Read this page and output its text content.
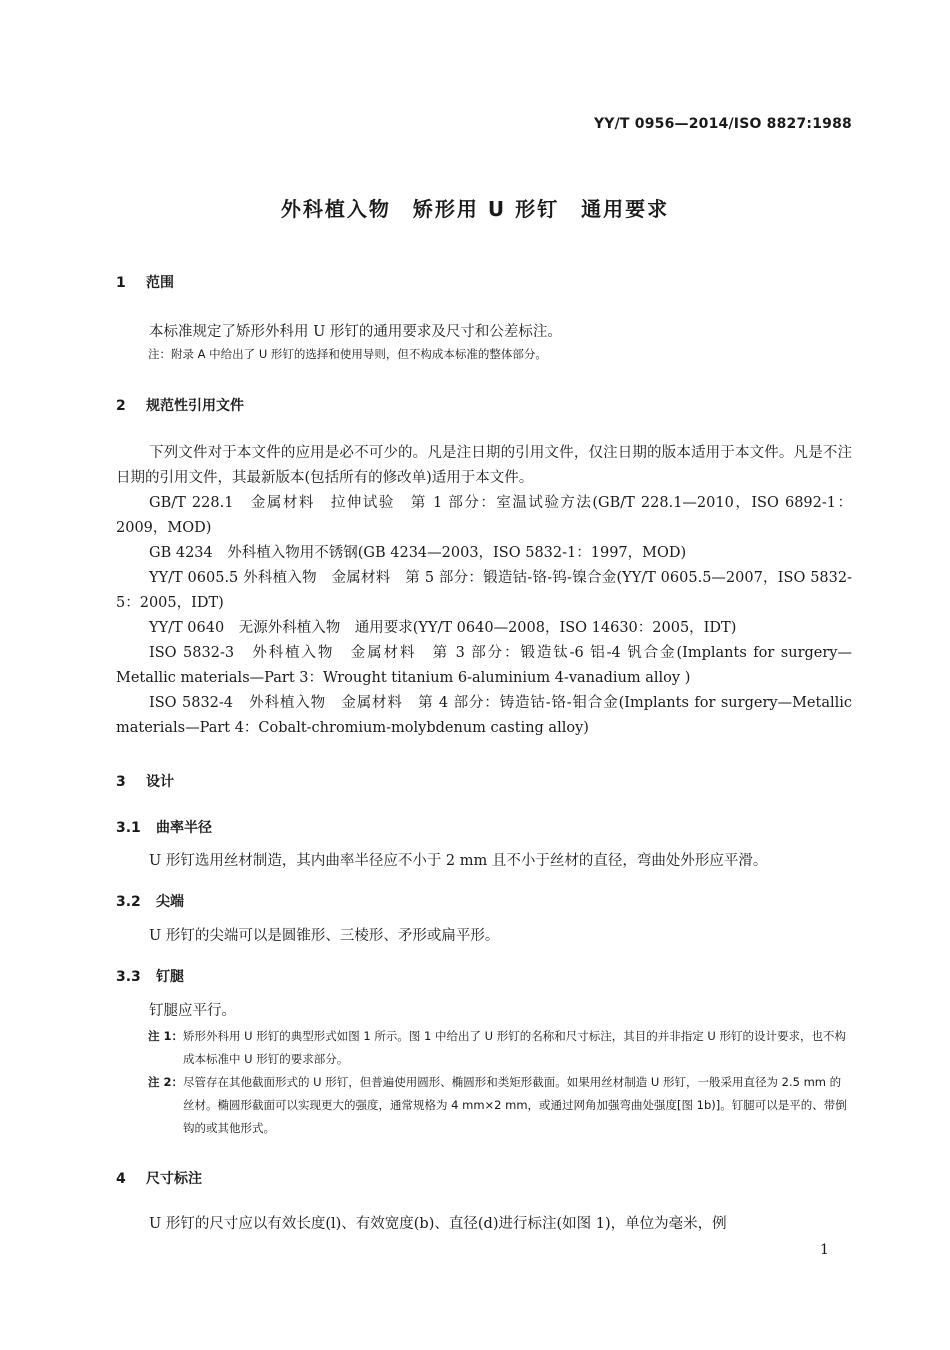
YY/T 0956—2014/ISO 8827:1988
外科植入物　矫形用 U 形钉　通用要求
1 范围
本标准规定了矫形外科用 U 形钉的通用要求及尺寸和公差标注。
注：附录 A 中给出了 U 形钉的选择和使用导则，但不构成本标准的整体部分。
2 规范性引用文件
下列文件对于本文件的应用是必不可少的。凡是注日期的引用文件，仅注日期的版本适用于本文件。凡是不注日期的引用文件，其最新版本(包括所有的修改单)适用于本文件。
GB/T 228.1　金属材料　拉伸试验　第 1 部分：室温试验方法(GB/T 228.1—2010，ISO 6892-1：2009，MOD)
GB 4234　外科植入物用不锈钢(GB 4234—2003，ISO 5832-1：1997，MOD)
YY/T 0605.5 外科植入物　金属材料　第 5 部分：锻造钴-铬-钨-镍合金(YY/T 0605.5—2007，ISO 5832-5：2005，IDT)
YY/T 0640　无源外科植入物　通用要求(YY/T 0640—2008，ISO 14630：2005，IDT)
ISO 5832-3　外科植入物　金属材料　第 3 部分：锻造钛-6 铝-4 钒合金(Implants for surgery—Metallic materials—Part 3：Wrought titanium 6-aluminium 4-vanadium alloy )
ISO 5832-4　外科植入物　金属材料　第 4 部分：铸造钴-铬-钼合金(Implants for surgery—Metallic materials—Part 4：Cobalt-chromium-molybdenum casting alloy)
3 设计
3.1 曲率半径
U 形钉选用丝材制造，其内曲率半径应不小于 2 mm 且不小于丝材的直径，弯曲处外形应平滑。
3.2 尖端
U 形钉的尖端可以是圆锥形、三棱形、矛形或扁平形。
3.3 钉腿
钉腿应平行。
注 1：矫形外科用 U 形钉的典型形式如图 1 所示。图 1 中给出了 U 形钉的名称和尺寸标注，其目的并非指定 U 形钉的设计要求，也不构成本标准中 U 形钉的要求部分。
注 2：尽管存在其他截面形式的 U 形钉，但普遍使用圆形、椭圆形和类矩形截面。如果用丝材制造 U 形钉，一般采用直径为 2.5 mm 的丝材。椭圆形截面可以实现更大的强度，通常规格为 4 mm×2 mm，或通过网角加强弯曲处强度[图 1b)]。钉腿可以是平的、带倒钩的或其他形式。
4 尺寸标注
U 形钉的尺寸应以有效长度(l)、有效宽度(b)、直径(d)进行标注(如图 1)，单位为毫米，例
1
